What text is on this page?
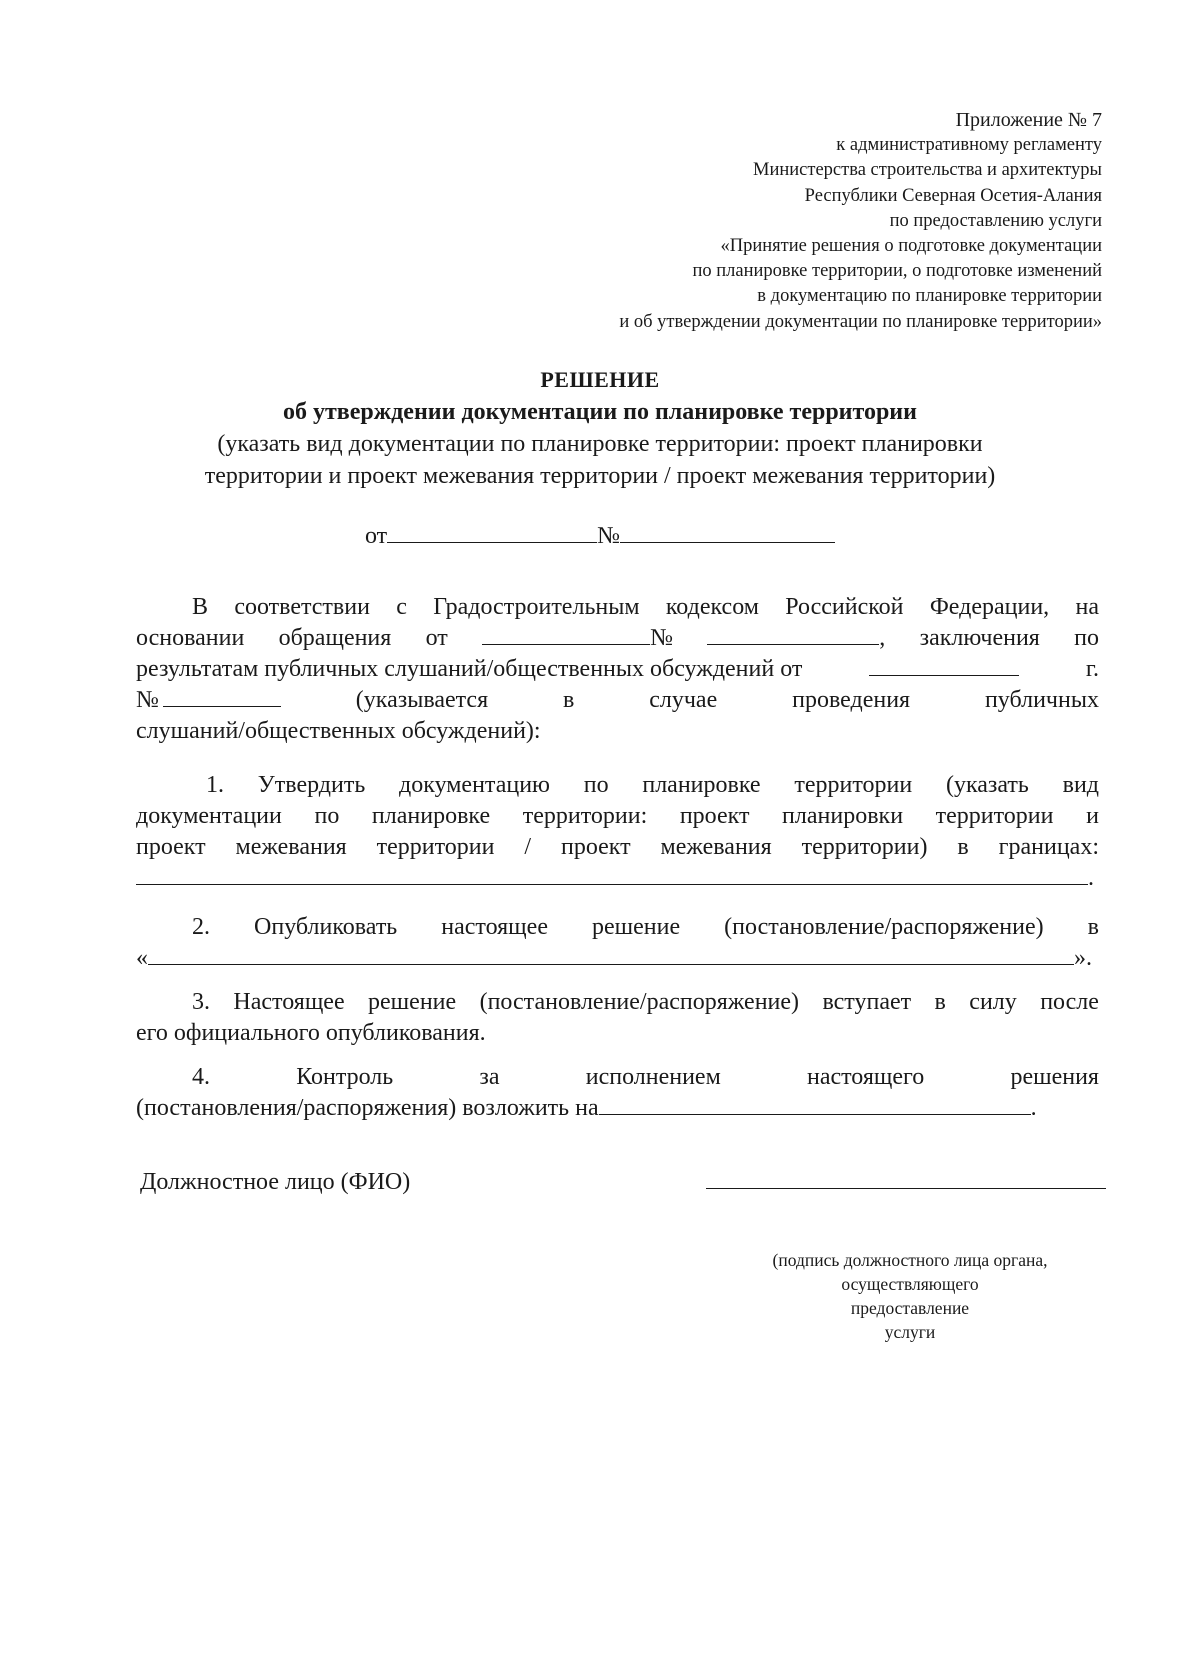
Приложение № 7
к административному регламенту
Министерства строительства и архитектуры
Республики Северная Осетия-Алания
по предоставлению услуги
«Принятие решения о подготовке документации
по планировке территории, о подготовке изменений
в документацию по планировке территории
и об утверждении документации по планировке территории»
РЕШЕНИЕ
об утверждении документации по планировке территории
(указать вид документации по планировке территории: проект планировки
территории и проект межевания территории / проект межевания территории)
от	№
В соответствии с Градостроительным кодексом Российской Федерации, на
основании обращения от	№	, заключения по
результатам публичных слушаний/общественных обсуждений от	г.
№	(указывается	в	случае	проведения	публичных
слушаний/общественных обсуждений):
1. Утвердить документацию по планировке территории (указать вид
документации по планировке территории: проект планировки территории и
проект межевания территории / проект межевания территории) в границах:
.
2. Опубликовать настоящее решение (постановление/распоряжение) в
«	».
3. Настоящее решение (постановление/распоряжение) вступает в силу после
его официального опубликования.
4.	Контроль	за	исполнением	настоящего	решения
(постановления/распоряжения) возложить на	.
Должностное лицо (ФИО)
(подпись должностного лица органа,
осуществляющего
предоставление
услуги
